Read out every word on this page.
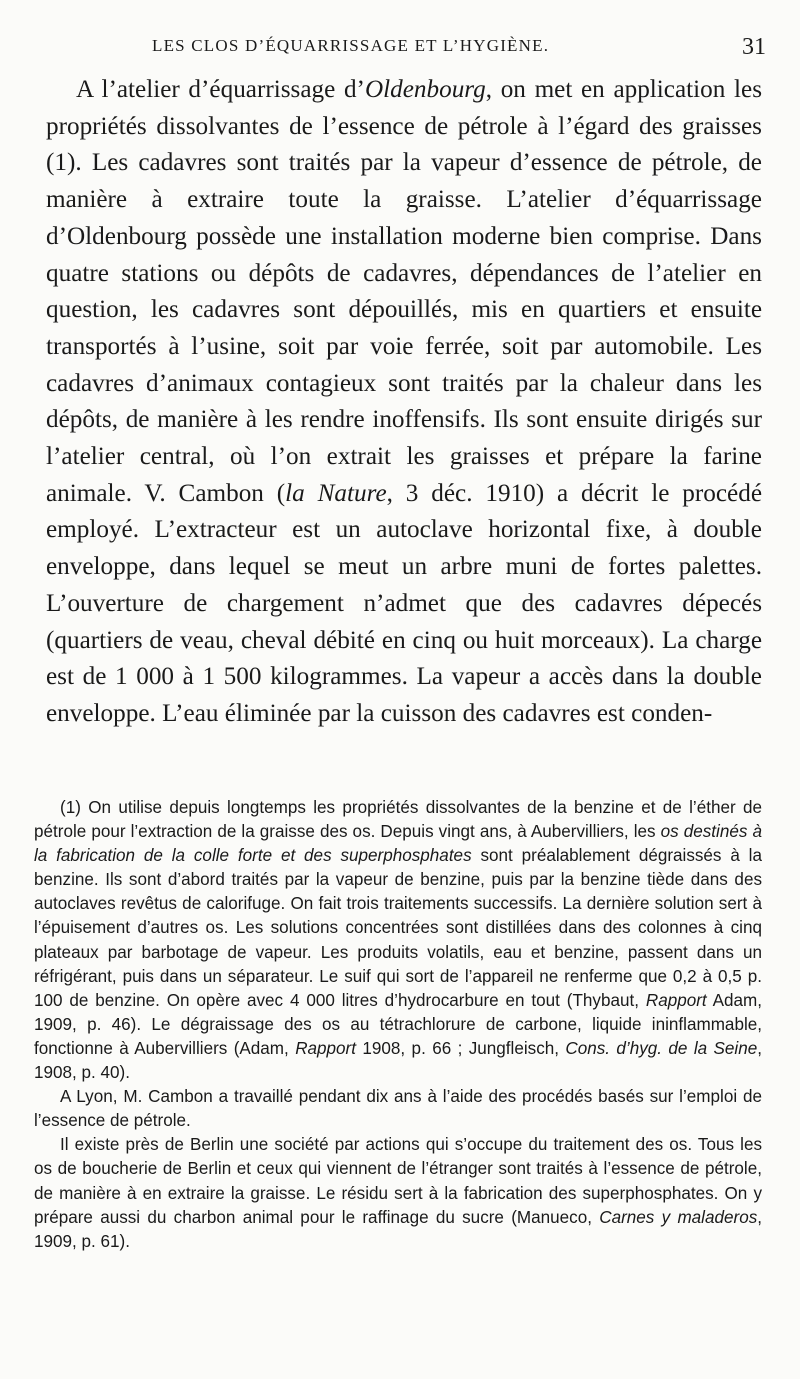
LES CLOS D’ÉQUARRISSAGE ET L’HYGIÈNE.	31

A l’atelier d’équarrissage d’Oldenbourg, on met en application les propriétés dissolvantes de l’essence de pétrole à l’égard des graisses (1). Les cadavres sont traités par la vapeur d’essence de pétrole, de manière à extraire toute la graisse. L’atelier d’équarrissage d’Oldenbourg possède une installation moderne bien comprise. Dans quatre stations ou dépôts de cadavres, dépendances de l’atelier en question, les cadavres sont dépouillés, mis en quartiers et ensuite transportés à l’usine, soit par voie ferrée, soit par automobile. Les cadavres d’animaux contagieux sont traités par la chaleur dans les dépôts, de manière à les rendre inoffensifs. Ils sont ensuite dirigés sur l’atelier central, où l’on extrait les graisses et prépare la farine animale. V. Cambon (la Nature, 3 déc. 1910) a décrit le procédé employé. L’extracteur est un autoclave horizontal fixe, à double enveloppe, dans lequel se meut un arbre muni de fortes palettes. L’ouverture de chargement n’admet que des cadavres dépecés (quartiers de veau, cheval débité en cinq ou huit morceaux). La charge est de 1 000 à 1 500 kilogrammes. La vapeur a accès dans la double enveloppe. L’eau éliminée par la cuisson des cadavres est conden-

(1) On utilise depuis longtemps les propriétés dissolvantes de la benzine et de l’éther de pétrole pour l’extraction de la graisse des os. Depuis vingt ans, à Aubervilliers, les os destinés à la fabrication de la colle forte et des superphosphates sont préalablement dégraissés à la benzine. Ils sont d’abord traités par la vapeur de benzine, puis par la benzine tiède dans des autoclaves revêtus de calorifuge. On fait trois traitements successifs. La dernière solution sert à l’épuisement d’autres os. Les solutions concentrées sont distillées dans des colonnes à cinq plateaux par barbotage de vapeur. Les produits volatils, eau et benzine, passent dans un réfrigérant, puis dans un séparateur. Le suif qui sort de l’appareil ne renferme que 0,2 à 0,5 p. 100 de benzine. On opère avec 4 000 litres d’hydrocarbure en tout (Thybaut, Rapport Adam, 1909, p. 46). Le dégraissage des os au tétrachlorure de carbone, liquide ininflammable, fonctionne à Aubervilliers (Adam, Rapport 1908, p. 66 ; Jungfleisch, Cons. d’hyg. de la Seine, 1908, p. 40).

A Lyon, M. Cambon a travaillé pendant dix ans à l’aide des procédés basés sur l’emploi de l’essence de pétrole.

Il existe près de Berlin une société par actions qui s’occupe du traitement des os. Tous les os de boucherie de Berlin et ceux qui viennent de l’étranger sont traités à l’essence de pétrole, de manière à en extraire la graisse. Le résidu sert à la fabrication des superphosphates. On y prépare aussi du charbon animal pour le raffinage du sucre (Manueco, Carnes y maladeros, 1909, p. 61).
